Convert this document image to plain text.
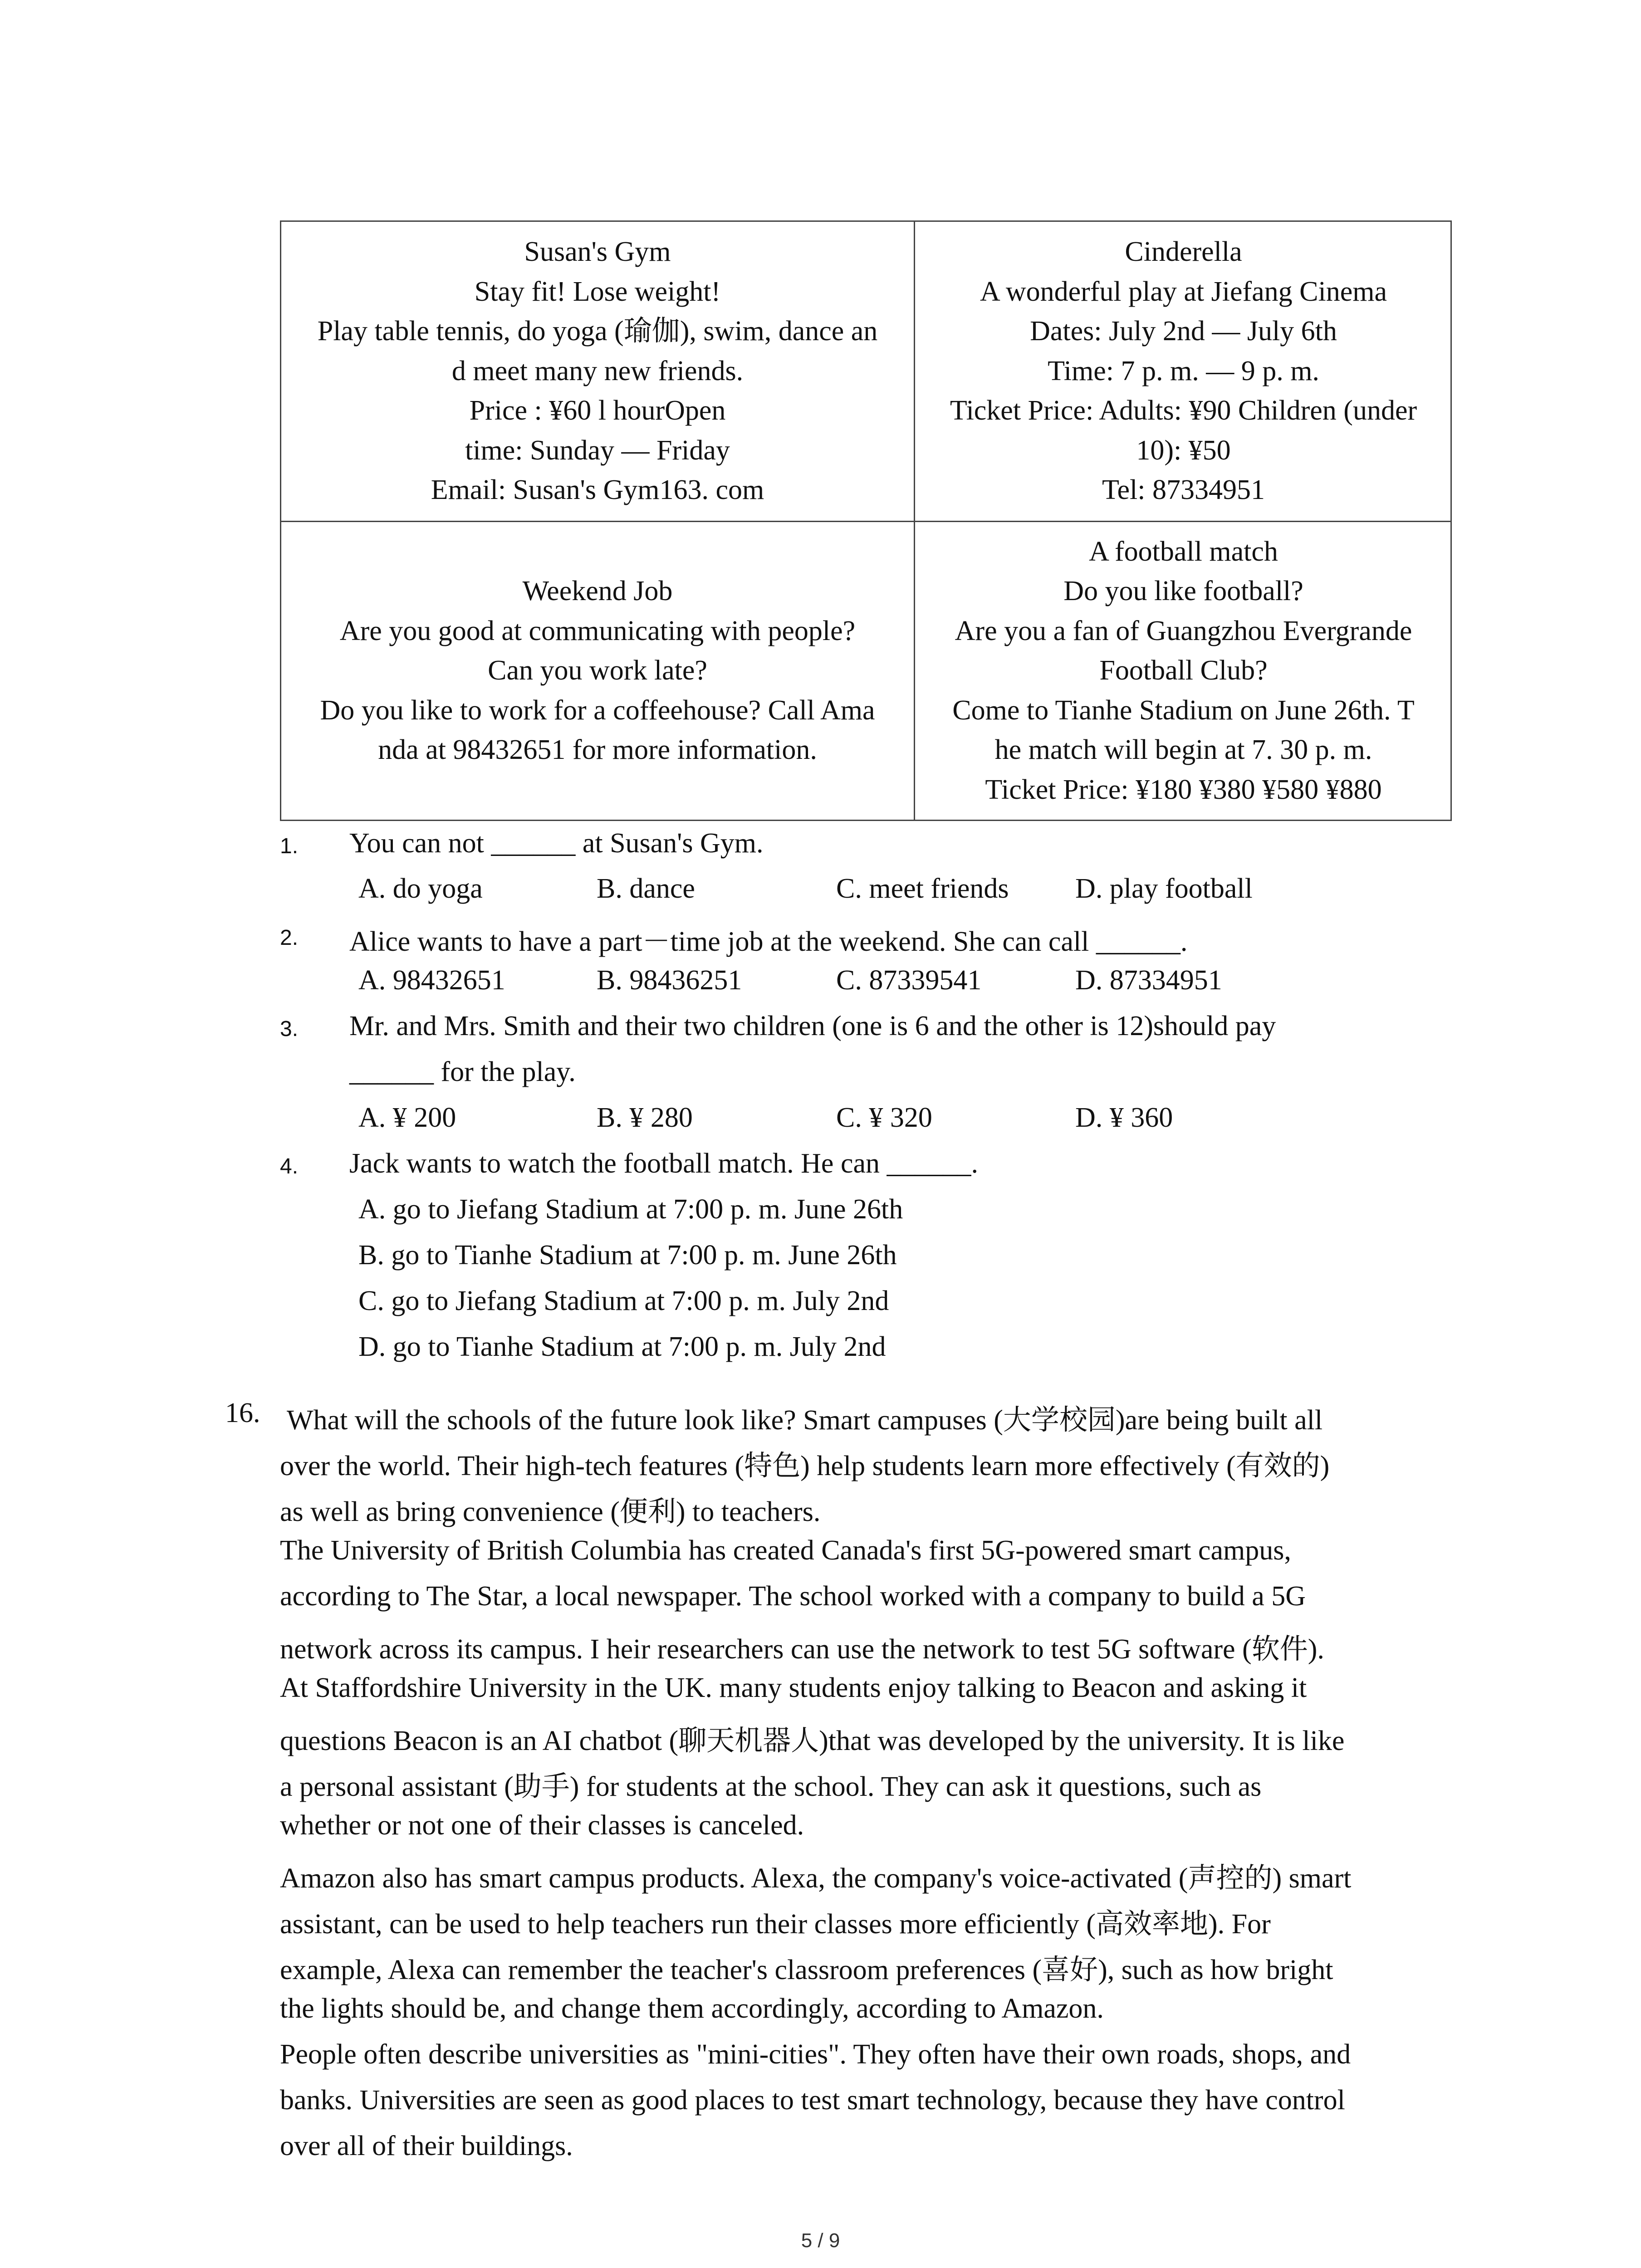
Susan's Gym
Stay fit! Lose weight!
Play table tennis, do yoga (瑜伽), swim, dance an
d meet many new friends.
Price : ¥60 l hourOpen
time: Sunday — Friday
Email: Susan's Gym163. com
Cinderella
A wonderful play at Jiefang Cinema
Dates: July 2nd — July 6th
Time: 7 p. m. — 9 p. m.
Ticket Price: Adults: ¥90 Children (under
10): ¥50
Tel: 87334951
Weekend Job
Are you good at communicating with people?
Can you work late?
Do you like to work for a coffeehouse? Call Ama
nda at 98432651 for more information.
A football match
Do you like football?
Are you a fan of Guangzhou Evergrande
Football Club?
Come to Tianhe Stadium on June 26th. T
he match will begin at 7. 30 p. m.
Ticket Price: ¥180 ¥380 ¥580 ¥880
1. You can not ______ at Susan's Gym.
A. do yoga	B. dance	C. meet friends D. play football
2. Alice wants to have a part－time job at the weekend. She can call ______.
A. 98432651	B. 98436251	C. 87339541	D. 87334951
3. Mr. and Mrs. Smith and their two children (one is 6 and the other is 12)should pay
______ for the play.
A. ¥ 200	B. ¥ 280	C. ¥ 320	D. ¥ 360
4. Jack wants to watch the football match. He can ______.
A. go to Jiefang Stadium at 7:00 p. m. June 26th
B. go to Tianhe Stadium at 7:00 p. m. June 26th
C. go to Jiefang Stadium at 7:00 p. m. July 2nd
D. go to Tianhe Stadium at 7:00 p. m. July 2nd
16. What will the schools of the future look like? Smart campuses (大学校园)are being built all
over the world. Their high-tech features (特色) help students learn more effectively (有效的)
as well as bring convenience (便利) to teachers.
The University of British Columbia has created Canada's first 5G-powered smart campus,
according to The Star, a local newspaper. The school worked with a company to build a 5G
network across its campus. I heir researchers can use the network to test 5G software (软件).
At Staffordshire University in the UK. many students enjoy talking to Beacon and asking it
questions Beacon is an AI chatbot (聊天机器人)that was developed by the university. It is like
a personal assistant (助手) for students at the school. They can ask it questions, such as
whether or not one of their classes is canceled.
Amazon also has smart campus products. Alexa, the company's voice-activated (声控的) smart
assistant, can be used to help teachers run their classes more efficiently (高效率地). For
example, Alexa can remember the teacher's classroom preferences (喜好), such as how bright
the lights should be, and change them accordingly, according to Amazon.
People often describe universities as "mini-cities". They often have their own roads, shops, and
banks. Universities are seen as good places to test smart technology, because they have control
over all of their buildings.
5 / 9
